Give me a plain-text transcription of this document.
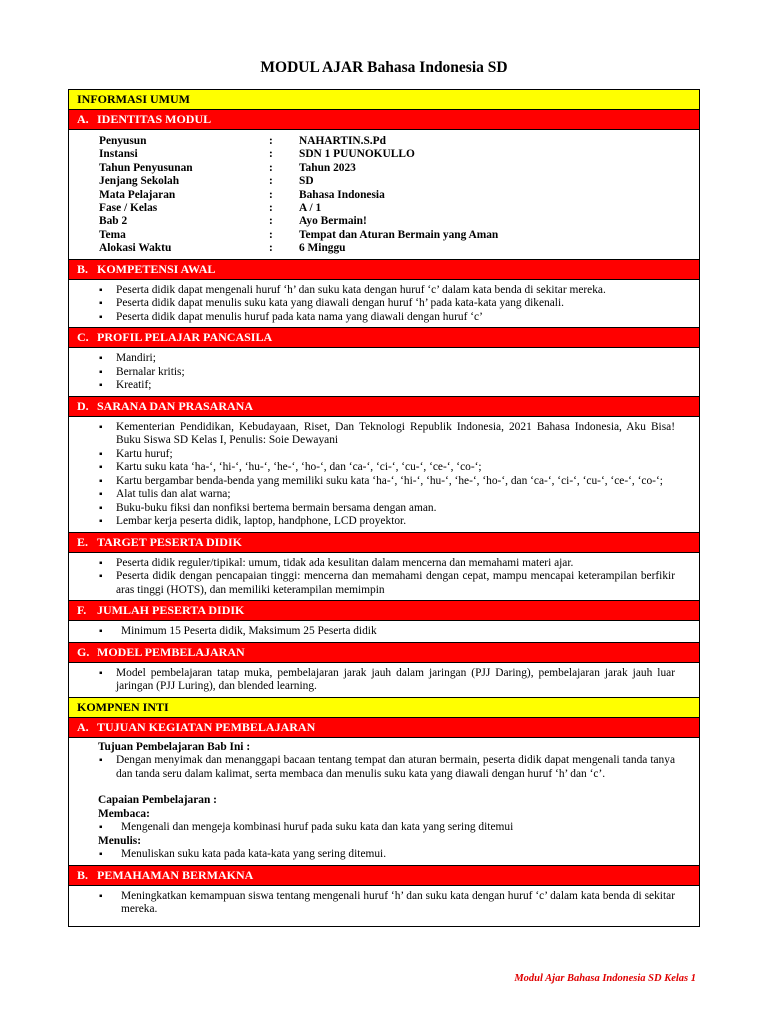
MODUL AJAR Bahasa Indonesia SD
INFORMASI UMUM
A. IDENTITAS MODUL
Penyusun	:	NAHARTIN.S.Pd
Instansi	:	SDN 1 PUUNOKULLO
Tahun Penyusunan	:	Tahun 2023
Jenjang Sekolah	:	SD
Mata Pelajaran	:	Bahasa Indonesia
Fase / Kelas	:	A / 1
Bab 2	:	Ayo Bermain!
Tema	:	Tempat dan Aturan Bermain yang Aman
Alokasi Waktu	:	6 Minggu
B. KOMPETENSI AWAL
▪ Peserta didik dapat mengenali huruf ‘h’ dan suku kata dengan huruf ‘c’ dalam kata benda di sekitar mereka.
▪ Peserta didik dapat menulis suku kata yang diawali dengan huruf ‘h’ pada kata-kata yang dikenali.
▪ Peserta didik dapat menulis huruf pada kata nama yang diawali dengan huruf ‘c’
C. PROFIL PELAJAR PANCASILA
▪ Mandiri;
▪ Bernalar kritis;
▪ Kreatif;
D. SARANA DAN PRASARANA
▪ Kementerian Pendidikan, Kebudayaan, Riset, Dan Teknologi Republik Indonesia, 2021 Bahasa Indonesia, Aku Bisa! Buku Siswa SD Kelas I, Penulis: Soie Dewayani
▪ Kartu huruf;
▪ Kartu suku kata ‘ha-‘, ‘hi-‘, ‘hu-‘, ‘he-‘, ‘ho-‘, dan ‘ca-‘, ‘ci-‘, ‘cu-‘, ‘ce-‘, ‘co-‘;
▪ Kartu bergambar benda-benda yang memiliki suku kata ‘ha-‘, ‘hi-‘, ‘hu-‘, ‘he-‘, ‘ho-‘, dan ‘ca-‘, ‘ci-‘, ‘cu-‘, ‘ce-‘, ‘co-‘;
▪ Alat tulis dan alat warna;
▪ Buku-buku fiksi dan nonfiksi bertema bermain bersama dengan aman.
▪ Lembar kerja peserta didik, laptop, handphone, LCD proyektor.
E. TARGET PESERTA DIDIK
▪ Peserta didik reguler/tipikal: umum, tidak ada kesulitan dalam mencerna dan memahami materi ajar.
▪ Peserta didik dengan pencapaian tinggi: mencerna dan memahami dengan cepat, mampu mencapai keterampilan berfikir aras tinggi (HOTS), dan memiliki keterampilan memimpin
F. JUMLAH PESERTA DIDIK
▪ Minimum 15 Peserta didik, Maksimum 25 Peserta didik
G. MODEL PEMBELAJARAN
▪ Model pembelajaran tatap muka, pembelajaran jarak jauh dalam jaringan (PJJ Daring), pembelajaran jarak jauh luar jaringan (PJJ Luring), dan blended learning.
KOMPNEN INTI
A. TUJUAN KEGIATAN PEMBELAJARAN
Tujuan Pembelajaran Bab Ini :
▪ Dengan menyimak dan menanggapi bacaan tentang tempat dan aturan bermain, peserta didik dapat mengenali tanda tanya dan tanda seru dalam kalimat, serta membaca dan menulis suku kata yang diawali dengan huruf ‘h’ dan ‘c’.
Capaian Pembelajaran :
Membaca:
▪ Mengenali dan mengeja kombinasi huruf pada suku kata dan kata yang sering ditemui
Menulis:
▪ Menuliskan suku kata pada kata-kata yang sering ditemui.
B. PEMAHAMAN BERMAKNA
▪ Meningkatkan kemampuan siswa tentang mengenali huruf ‘h’ dan suku kata dengan huruf ‘c’ dalam kata benda di sekitar mereka.
Modul Ajar Bahasa Indonesia SD Kelas 1
